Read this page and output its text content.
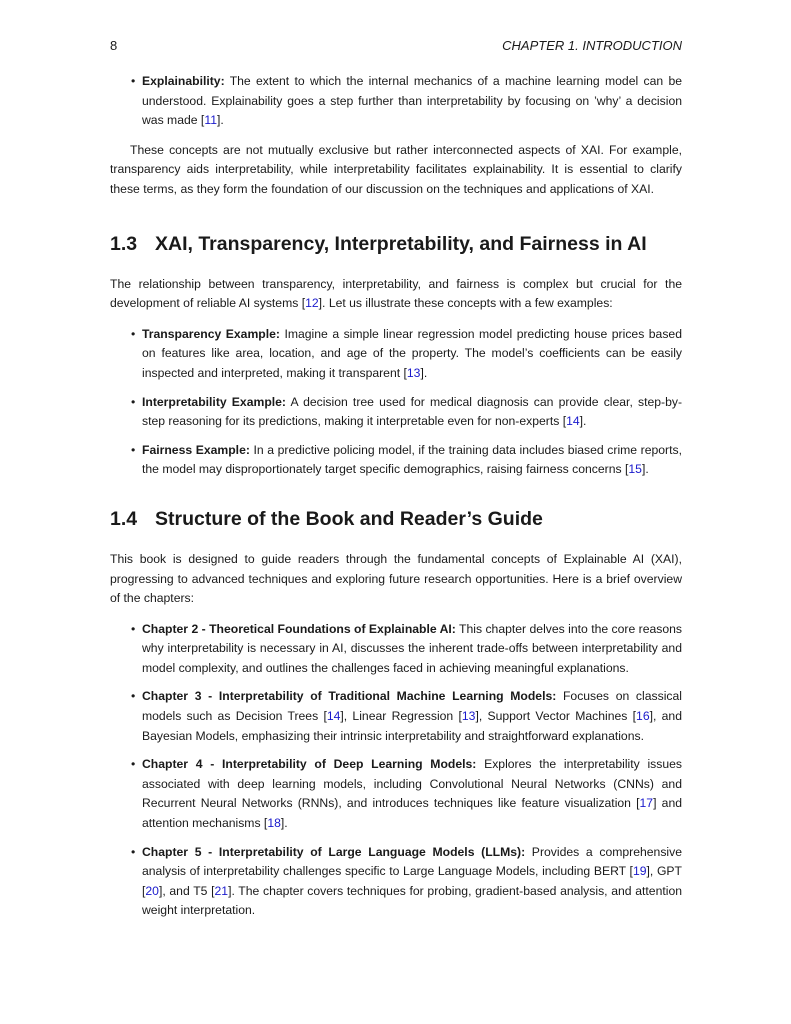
8	CHAPTER 1. INTRODUCTION
• Explainability: The extent to which the internal mechanics of a machine learning model can be understood. Explainability goes a step further than interpretability by focusing on ’why’ a decision was made [11].

These concepts are not mutually exclusive but rather interconnected aspects of XAI. For example, transparency aids interpretability, while interpretability facilitates explainability. It is essential to clarify these terms, as they form the foundation of our discussion on the techniques and applications of XAI.

1.3 XAI, Transparency, Interpretability, and Fairness in AI

The relationship between transparency, interpretability, and fairness is complex but crucial for the development of reliable AI systems [12]. Let us illustrate these concepts with a few examples:

• Transparency Example: Imagine a simple linear regression model predicting house prices based on features like area, location, and age of the property. The model’s coefficients can be easily inspected and interpreted, making it transparent [13].
• Interpretability Example: A decision tree used for medical diagnosis can provide clear, step-by-step reasoning for its predictions, making it interpretable even for non-experts [14].
• Fairness Example: In a predictive policing model, if the training data includes biased crime reports, the model may disproportionately target specific demographics, raising fairness concerns [15].
1.4 Structure of the Book and Reader’s Guide

This book is designed to guide readers through the fundamental concepts of Explainable AI (XAI), progressing to advanced techniques and exploring future research opportunities. Here is a brief overview of the chapters:

• Chapter 2 - Theoretical Foundations of Explainable AI: This chapter delves into the core reasons why interpretability is necessary in AI, discusses the inherent trade-offs between interpretability and model complexity, and outlines the challenges faced in achieving meaningful explanations.
• Chapter 3 - Interpretability of Traditional Machine Learning Models: Focuses on classical models such as Decision Trees [14], Linear Regression [13], Support Vector Machines [16], and Bayesian Models, emphasizing their intrinsic interpretability and straightforward explanations.
• Chapter 4 - Interpretability of Deep Learning Models: Explores the interpretability issues associated with deep learning models, including Convolutional Neural Networks (CNNs) and Recurrent Neural Networks (RNNs), and introduces techniques like feature visualization [17] and attention mechanisms [18].
• Chapter 5 - Interpretability of Large Language Models (LLMs): Provides a comprehensive analysis of interpretability challenges specific to Large Language Models, including BERT [19], GPT [20], and T5 [21]. The chapter covers techniques for probing, gradient-based analysis, and attention weight interpretation.
